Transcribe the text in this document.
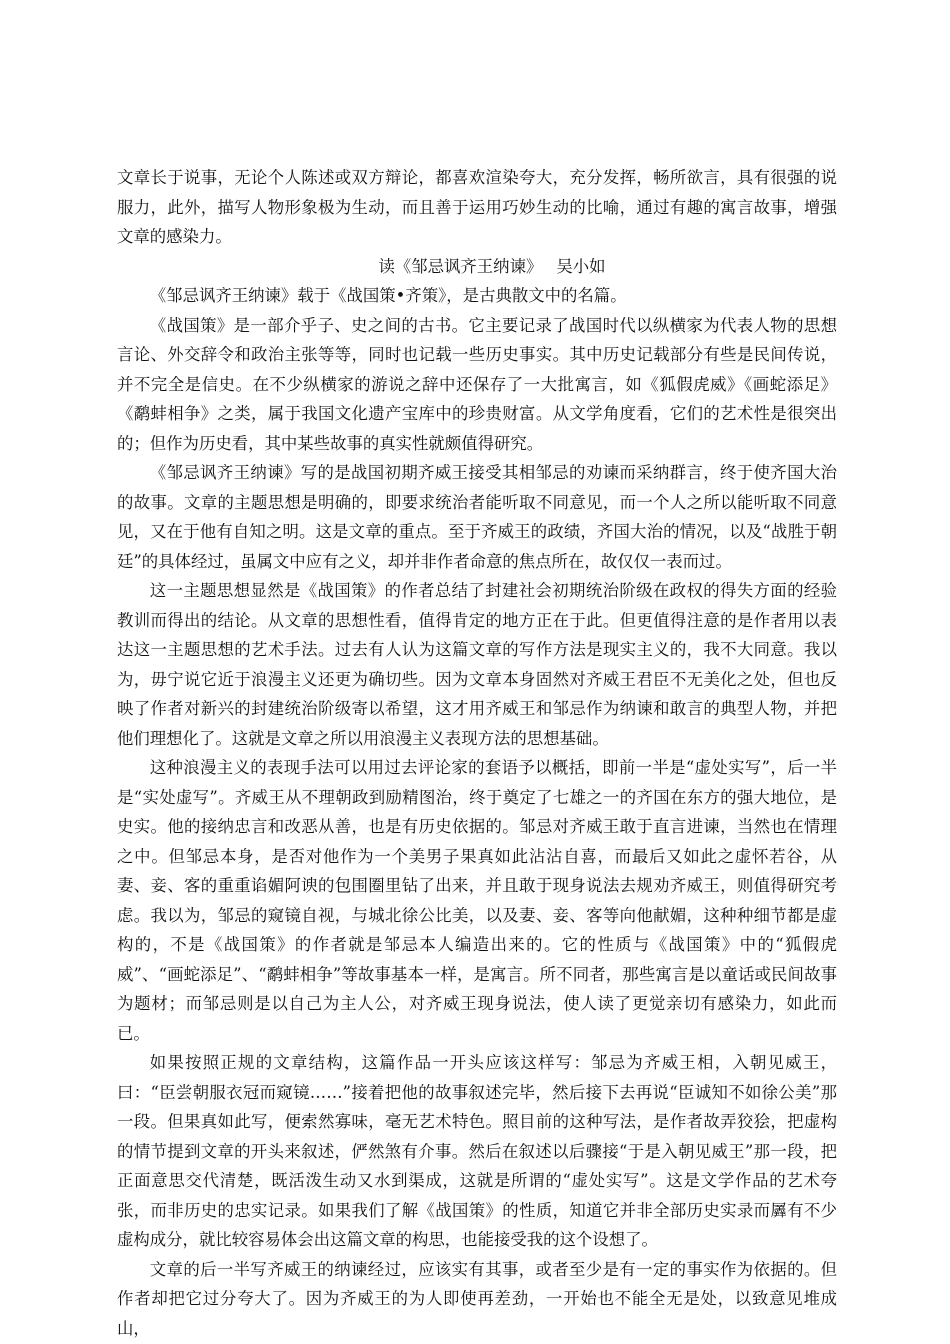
文章长于说事，无论个人陈述或双方辩论，都喜欢渲染夸大，充分发挥，畅所欲言，具有很强的说服力，此外，描写人物形象极为生动，而且善于运用巧妙生动的比喻，通过有趣的寓言故事，增强文章的感染力。

读《邹忌讽齐王纳谏》 吴小如

《邹忌讽齐王纳谏》载于《战国策•齐策》，是古典散文中的名篇。

《战国策》是一部介乎子、史之间的古书。它主要记录了战国时代以纵横家为代表人物的思想言论、外交辞令和政治主张等等，同时也记载一些历史事实。其中历史记载部分有些是民间传说，并不完全是信史。在不少纵横家的游说之辞中还保存了一大批寓言，如《狐假虎威》《画蛇添足》《鹬蚌相争》之类，属于我国文化遗产宝库中的珍贵财富。从文学角度看，它们的艺术性是很突出的；但作为历史看，其中某些故事的真实性就颇值得研究。

《邹忌讽齐王纳谏》写的是战国初期齐威王接受其相邹忌的劝谏而采纳群言，终于使齐国大治的故事。文章的主题思想是明确的，即要求统治者能听取不同意见，而一个人之所以能听取不同意见，又在于他有自知之明。这是文章的重点。至于齐威王的政绩，齐国大治的情况，以及“战胜于朝廷”的具体经过，虽属文中应有之义，却并非作者命意的焦点所在，故仅仅一表而过。

这一主题思想显然是《战国策》的作者总结了封建社会初期统治阶级在政权的得失方面的经验教训而得出的结论。从文章的思想性看，值得肯定的地方正在于此。但更值得注意的是作者用以表达这一主题思想的艺术手法。过去有人认为这篇文章的写作方法是现实主义的，我不大同意。我以为，毋宁说它近于浪漫主义还更为确切些。因为文章本身固然对齐威王君臣不无美化之处，但也反映了作者对新兴的封建统治阶级寄以希望，这才用齐威王和邹忌作为纳谏和敢言的典型人物，并把他们理想化了。这就是文章之所以用浪漫主义表现方法的思想基础。

这种浪漫主义的表现手法可以用过去评论家的套语予以概括，即前一半是“虚处实写”，后一半是“实处虚写”。齐威王从不理朝政到励精图治，终于奠定了七雄之一的齐国在东方的强大地位，是史实。他的接纳忠言和改恶从善，也是有历史依据的。邹忌对齐威王敢于直言进谏，当然也在情理之中。但邹忌本身，是否对他作为一个美男子果真如此沾沾自喜，而最后又如此之虚怀若谷，从妻、妾、客的重重谄媚阿谀的包围圈里钻了出来，并且敢于现身说法去规劝齐威王，则值得研究考虑。我以为，邹忌的窥镜自视，与城北徐公比美，以及妻、妾、客等向他献媚，这种种细节都是虚构的，不是《战国策》的作者就是邹忌本人编造出来的。它的性质与《战国策》中的“狐假虎威”、“画蛇添足”、“鹬蚌相争”等故事基本一样，是寓言。所不同者，那些寓言是以童话或民间故事为题材；而邹忌则是以自己为主人公，对齐威王现身说法，使人读了更觉亲切有感染力，如此而已。

如果按照正规的文章结构，这篇作品一开头应该这样写：邹忌为齐威王相，入朝见威王，曰：“臣尝朝服衣冠而窥镜……”接着把他的故事叙述完毕，然后接下去再说“臣诚知不如徐公美”那一段。但果真如此写，便索然寡味，毫无艺术特色。照目前的这种写法，是作者故弄狡狯，把虚构的情节提到文章的开头来叙述，俨然煞有介事。然后在叙述以后骤接“于是入朝见威王”那一段，把正面意思交代清楚，既活泼生动又水到渠成，这就是所谓的“虚处实写”。这是文学作品的艺术夸张，而非历史的忠实记录。如果我们了解《战国策》的性质，知道它并非全部历史实录而羼有不少虚构成分，就比较容易体会出这篇文章的构思，也能接受我的这个设想了。

文章的后一半写齐威王的纳谏经过，应该实有其事，或者至少是有一定的事实作为依据的。但作者却把它过分夸大了。因为齐威王的为人即使再差劲，一开始也不能全无是处，以致意见堆成山，
